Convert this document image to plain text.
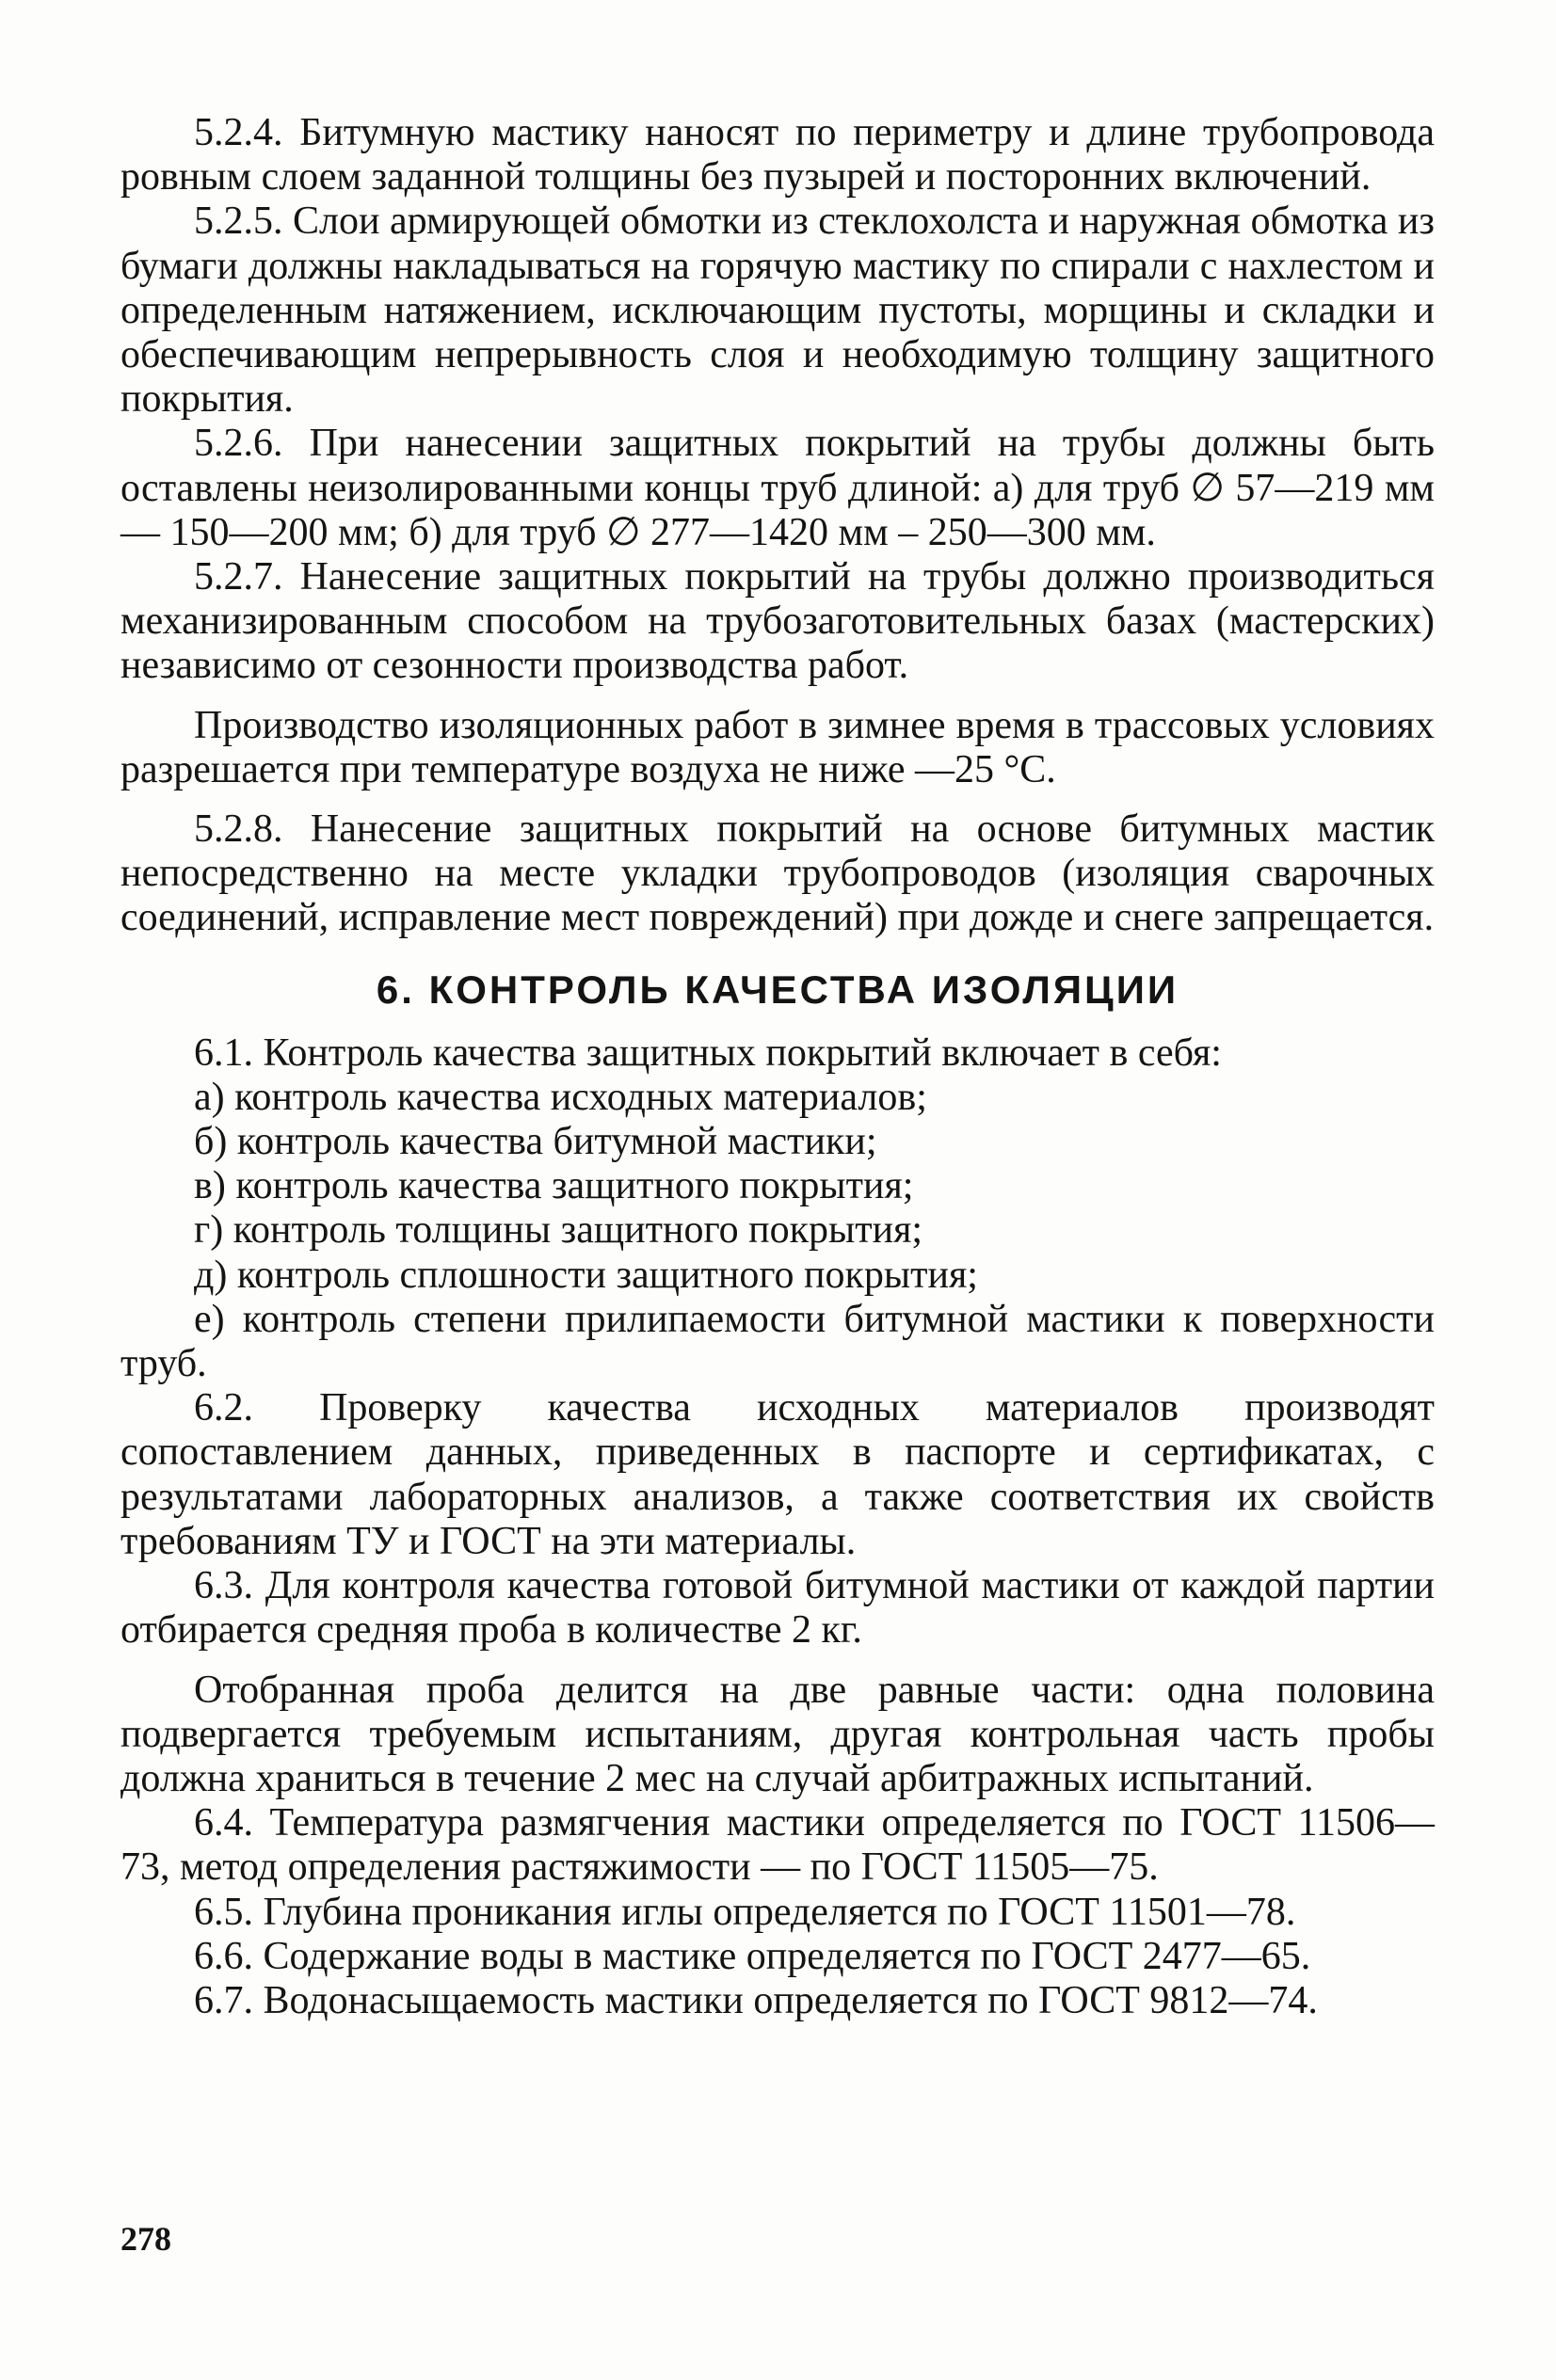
5.2.4. Битумную мастику наносят по периметру и длине трубопровода ровным слоем заданной толщины без пузырей и посторонних включений.

5.2.5. Слои армирующей обмотки из стеклохолста и наружная обмотка из бумаги должны накладываться на горячую мастику по спирали с нахлестом и определенным натяжением, исключающим пустоты, морщины и складки и обеспечивающим непрерывность слоя и необходимую толщину защитного покрытия.

5.2.6. При нанесении защитных покрытий на трубы должны быть оставлены неизолированными концы труб длиной: а) для труб ∅ 57—219 мм — 150—200 мм; б) для труб ∅ 277—1420 мм – 250—300 мм.

5.2.7. Нанесение защитных покрытий на трубы должно производиться механизированным способом на трубозаготовительных базах (мастерских) независимо от сезонности производства работ.

Производство изоляционных работ в зимнее время в трассовых условиях разрешается при температуре воздуха не ниже —25 °С.

5.2.8. Нанесение защитных покрытий на основе битумных мастик непосредственно на месте укладки трубопроводов (изоляция сварочных соединений, исправление мест повреждений) при дожде и снеге запрещается.

6. КОНТРОЛЬ КАЧЕСТВА ИЗОЛЯЦИИ

6.1. Контроль качества защитных покрытий включает в себя:

а) контроль качества исходных материалов;

б) контроль качества битумной мастики;

в) контроль качества защитного покрытия;

г) контроль толщины защитного покрытия;

д) контроль сплошности защитного покрытия;

е) контроль степени прилипаемости битумной мастики к поверхности труб.

6.2. Проверку качества исходных материалов производят сопоставлением данных, приведенных в паспорте и сертификатах, с результатами лабораторных анализов, а также соответствия их свойств требованиям ТУ и ГОСТ на эти материалы.

6.3. Для контроля качества готовой битумной мастики от каждой партии отбирается средняя проба в количестве 2 кг.

Отобранная проба делится на две равные части: одна половина подвергается требуемым испытаниям, другая контрольная часть пробы должна храниться в течение 2 мес на случай арбитражных испытаний.

6.4. Температура размягчения мастики определяется по ГОСТ 11506—73, метод определения растяжимости — по ГОСТ 11505—75.

6.5. Глубина проникания иглы определяется по ГОСТ 11501—78.

6.6. Содержание воды в мастике определяется по ГОСТ 2477—65.

6.7. Водонасыщаемость мастики определяется по ГОСТ 9812—74.

278
